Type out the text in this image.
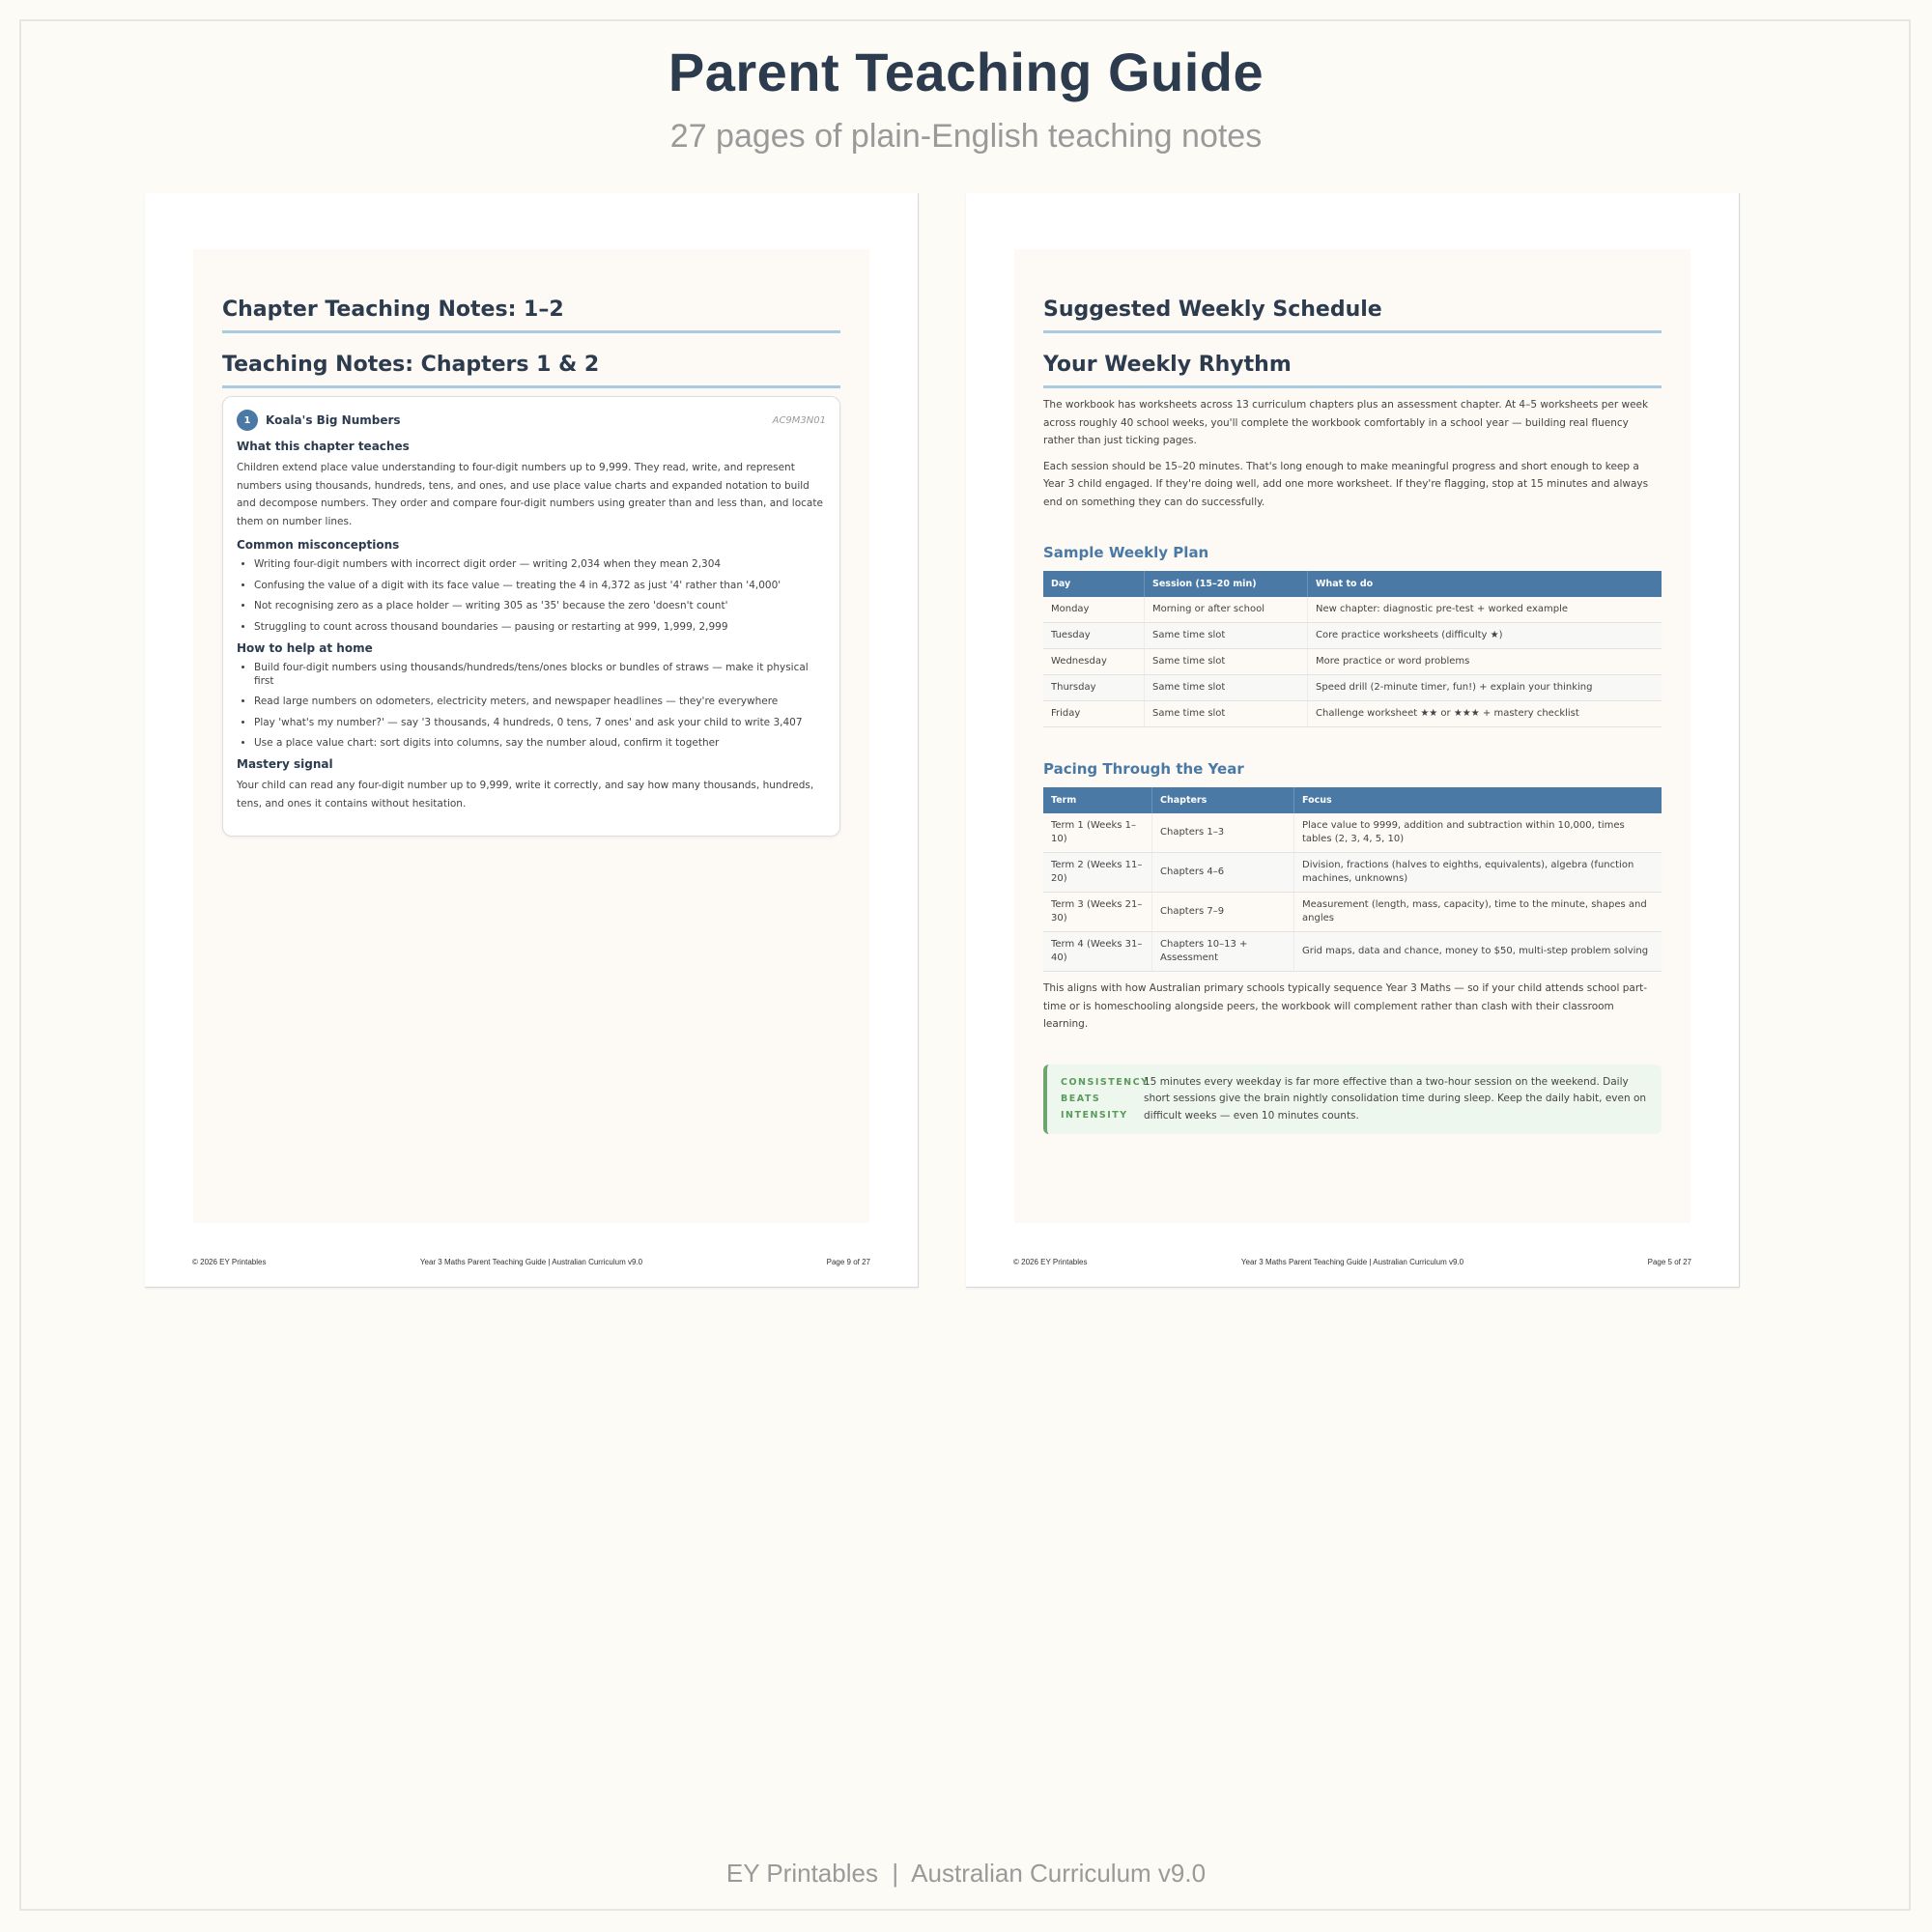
Parent Teaching Guide
27 pages of plain-English teaching notes
Chapter Teaching Notes: 1–2
Teaching Notes: Chapters 1 & 2
1	Koala's Big Numbers	AC9M3N01
What this chapter teaches

Children extend place value understanding to four-digit numbers up to 9,999. They read, write, and represent numbers using thousands, hundreds, tens, and ones, and use place value charts and expanded notation to build and decompose numbers. They order and compare four-digit numbers using greater than and less than, and locate them on number lines.

Common misconceptions
• Writing four-digit numbers with incorrect digit order — writing 2,034 when they mean 2,304
• Confusing the value of a digit with its face value — treating the 4 in 4,372 as just '4' rather than '4,000'
• Not recognising zero as a place holder — writing 305 as '35' because the zero 'doesn't count'
• Struggling to count across thousand boundaries — pausing or restarting at 999, 1,999, 2,999
How to help at home
• Build four-digit numbers using thousands/hundreds/tens/ones blocks or bundles of straws — make it physical first
• Read large numbers on odometers, electricity meters, and newspaper headlines — they're everywhere
• Play 'what's my number?' — say '3 thousands, 4 hundreds, 0 tens, 7 ones' and ask your child to write 3,407
• Use a place value chart: sort digits into columns, say the number aloud, confirm it together
Mastery signal

Your child can read any four-digit number up to 9,999, write it correctly, and say how many thousands, hundreds, tens, and ones it contains without hesitation.

© 2026 EY Printables	Year 3 Maths Parent Teaching Guide | Australian Curriculum v9.0	Page 9 of 27
Suggested Weekly Schedule
Your Weekly Rhythm

The workbook has worksheets across 13 curriculum chapters plus an assessment chapter. At 4–5 worksheets per week across roughly 40 school weeks, you'll complete the workbook comfortably in a school year — building real fluency rather than just ticking pages.

Each session should be 15–20 minutes. That's long enough to make meaningful progress and short enough to keep a Year 3 child engaged. If they're doing well, add one more worksheet. If they're flagging, stop at 15 minutes and always end on something they can do successfully.

Sample Weekly Plan
Day	Session (15–20 min)	What to do
Monday	Morning or after school	New chapter: diagnostic pre-test + worked example
Tuesday	Same time slot	Core practice worksheets (difficulty ★)
Wednesday	Same time slot	More practice or word problems
Thursday	Same time slot	Speed drill (2-minute timer, fun!) + explain your thinking
Friday	Same time slot	Challenge worksheet ★★ or ★★★ + mastery checklist
Pacing Through the Year
Term	Chapters	Focus
Term 1 (Weeks 1–10)	Chapters 1–3	Place value to 9999, addition and subtraction within 10,000, times tables (2, 3, 4, 5, 10)
Term 2 (Weeks 11–20)	Chapters 4–6	Division, fractions (halves to eighths, equivalents), algebra (function machines, unknowns)
Term 3 (Weeks 21–30)	Chapters 7–9	Measurement (length, mass, capacity), time to the minute, shapes and angles
Term 4 (Weeks 31–40)	Chapters 10–13 + Assessment	Grid maps, data and chance, money to $50, multi-step problem solving

This aligns with how Australian primary schools typically sequence Year 3 Maths — so if your child attends school part-time or is homeschooling alongside peers, the workbook will complement rather than clash with their classroom learning.

CONSISTENCY BEATS INTENSITY
15 minutes every weekday is far more effective than a two-hour session on the weekend. Daily short sessions give the brain nightly consolidation time during sleep. Keep the daily habit, even on difficult weeks — even 10 minutes counts.
© 2026 EY Printables	Year 3 Maths Parent Teaching Guide | Australian Curriculum v9.0	Page 5 of 27
EY Printables  |  Australian Curriculum v9.0
